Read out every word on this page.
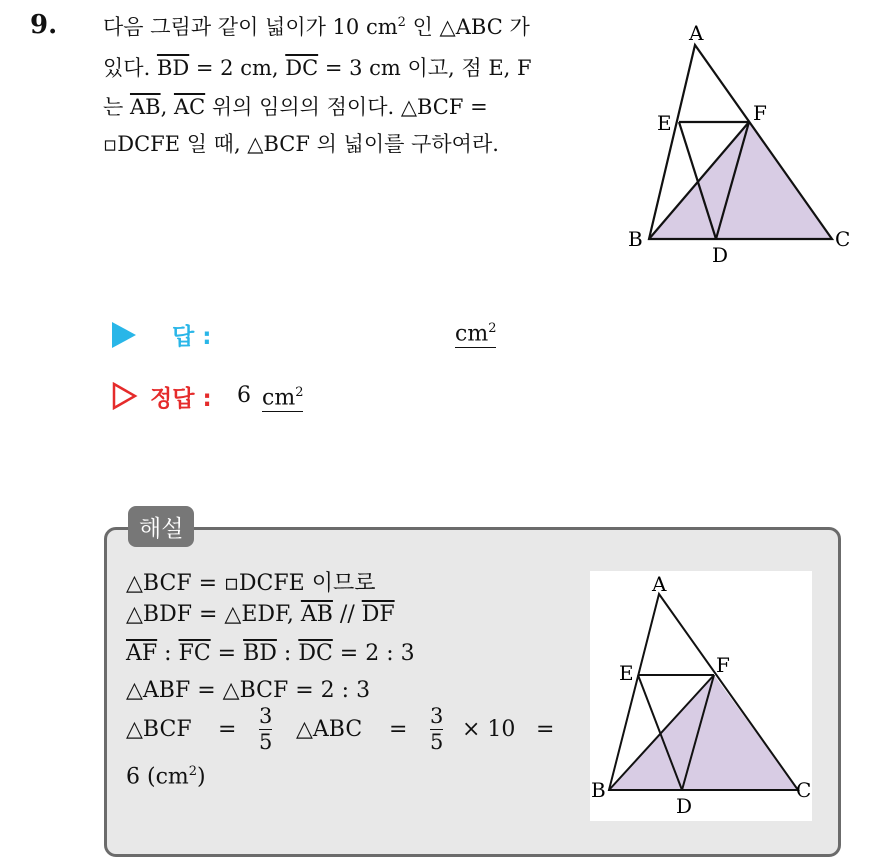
9. 다음 그림과 같이 넓이가 10 $cm^2$ 인 △ABC 가
있다. $\overline{BD} = 2$ cm, $\overline{DC} = 3$ cm 이고, 점 E, F
는 $\overline{AB}$, $\overline{AC}$ 위의 임의의 점이다. △BCF =
▫DCFE 일 때, △BCF 의 넓이를 구하여라.
A
E	F
B
D
C
답 :	$cm^2$
정답 : 6 $cm^2$
해설
△BCF = ▫DCFE 이므로
△BDF = △EDF, $\overline{AB} // \overline{DF}$
$\overline{AF}$ : $\overline{FC} = \overline{BD}$ : $\overline{DC} = 2$ : 3
△ABF = △BCF = 2 : 3
△BCF = $\frac{3}{5}$ △ABC = $\frac{3}{5} \times 10$ =
6 $(cm^2)$
A
E	F
B
D
C
